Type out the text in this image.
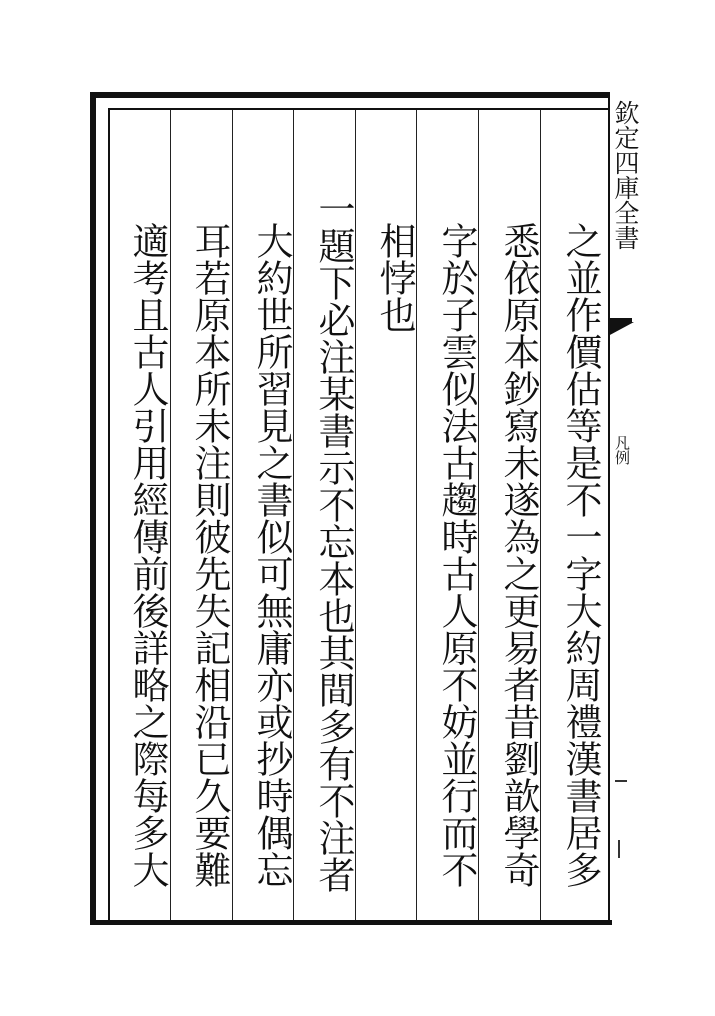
之並作價估等是不一字大約周禮漢書居多
悉依原本鈔寫未遂為之更易者昔劉歆學奇
字於子雲似法古趨時古人原不妨並行而不
相悖也
一題下必注某書示不忘本也其間多有不注者
大約世所習見之書似可無庸亦或抄時偶忘
耳若原本所未注則彼先失記相沿已久要難
適考且古人引用經傳前後詳略之際每多大
欽定四庫全書
凡例
